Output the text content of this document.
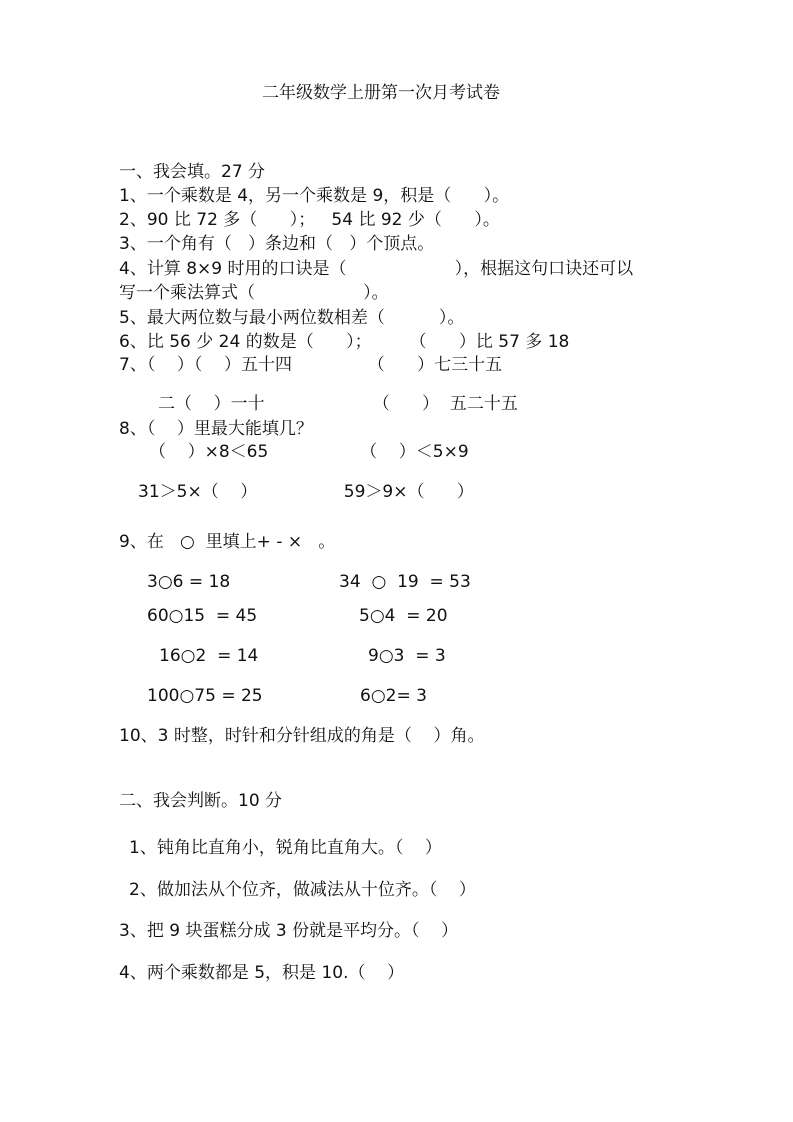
二年级数学上册第一次月考试卷
一、我会填。27 分
1、一个乘数是 4，另一个乘数是 9，积是（      ）。
2、90 比 72 多（      ）；   54 比 92 少（      ）。
3、一个角有（   ）条边和（   ）个顶点。
4、计算 8×9 时用的口诀是（                    ），根据这句口诀还可以
写一个乘法算式（                    ）。
5、最大两位数与最小两位数相差（          ）。
6、比 56 少 24 的数是（      ）；       （      ）比 57 多 18
7、（    ）（    ）五十四              （      ）七三十五
二（    ）一十                    （      ）  五二十五
8、（    ）里最大能填几？
（    ）×8＜65                 （    ）＜5×9
31＞5×（    ）                59＞9×（      ）
9、在   ○  里填上+ - ×   。
3○6 = 18	34  ○  19  = 53
60○15  = 45	5○4  = 20
16○2  = 14	9○3  = 3
100○75 = 25	6○2= 3
10、3 时整，时针和分针组成的角是（    ）角。
二、我会判断。10 分
1、钝角比直角小，锐角比直角大。（    ）
2、做加法从个位齐，做减法从十位齐。（    ）
3、把 9 块蛋糕分成 3 份就是平均分。（    ）
4、两个乘数都是 5，积是 10.（    ）
